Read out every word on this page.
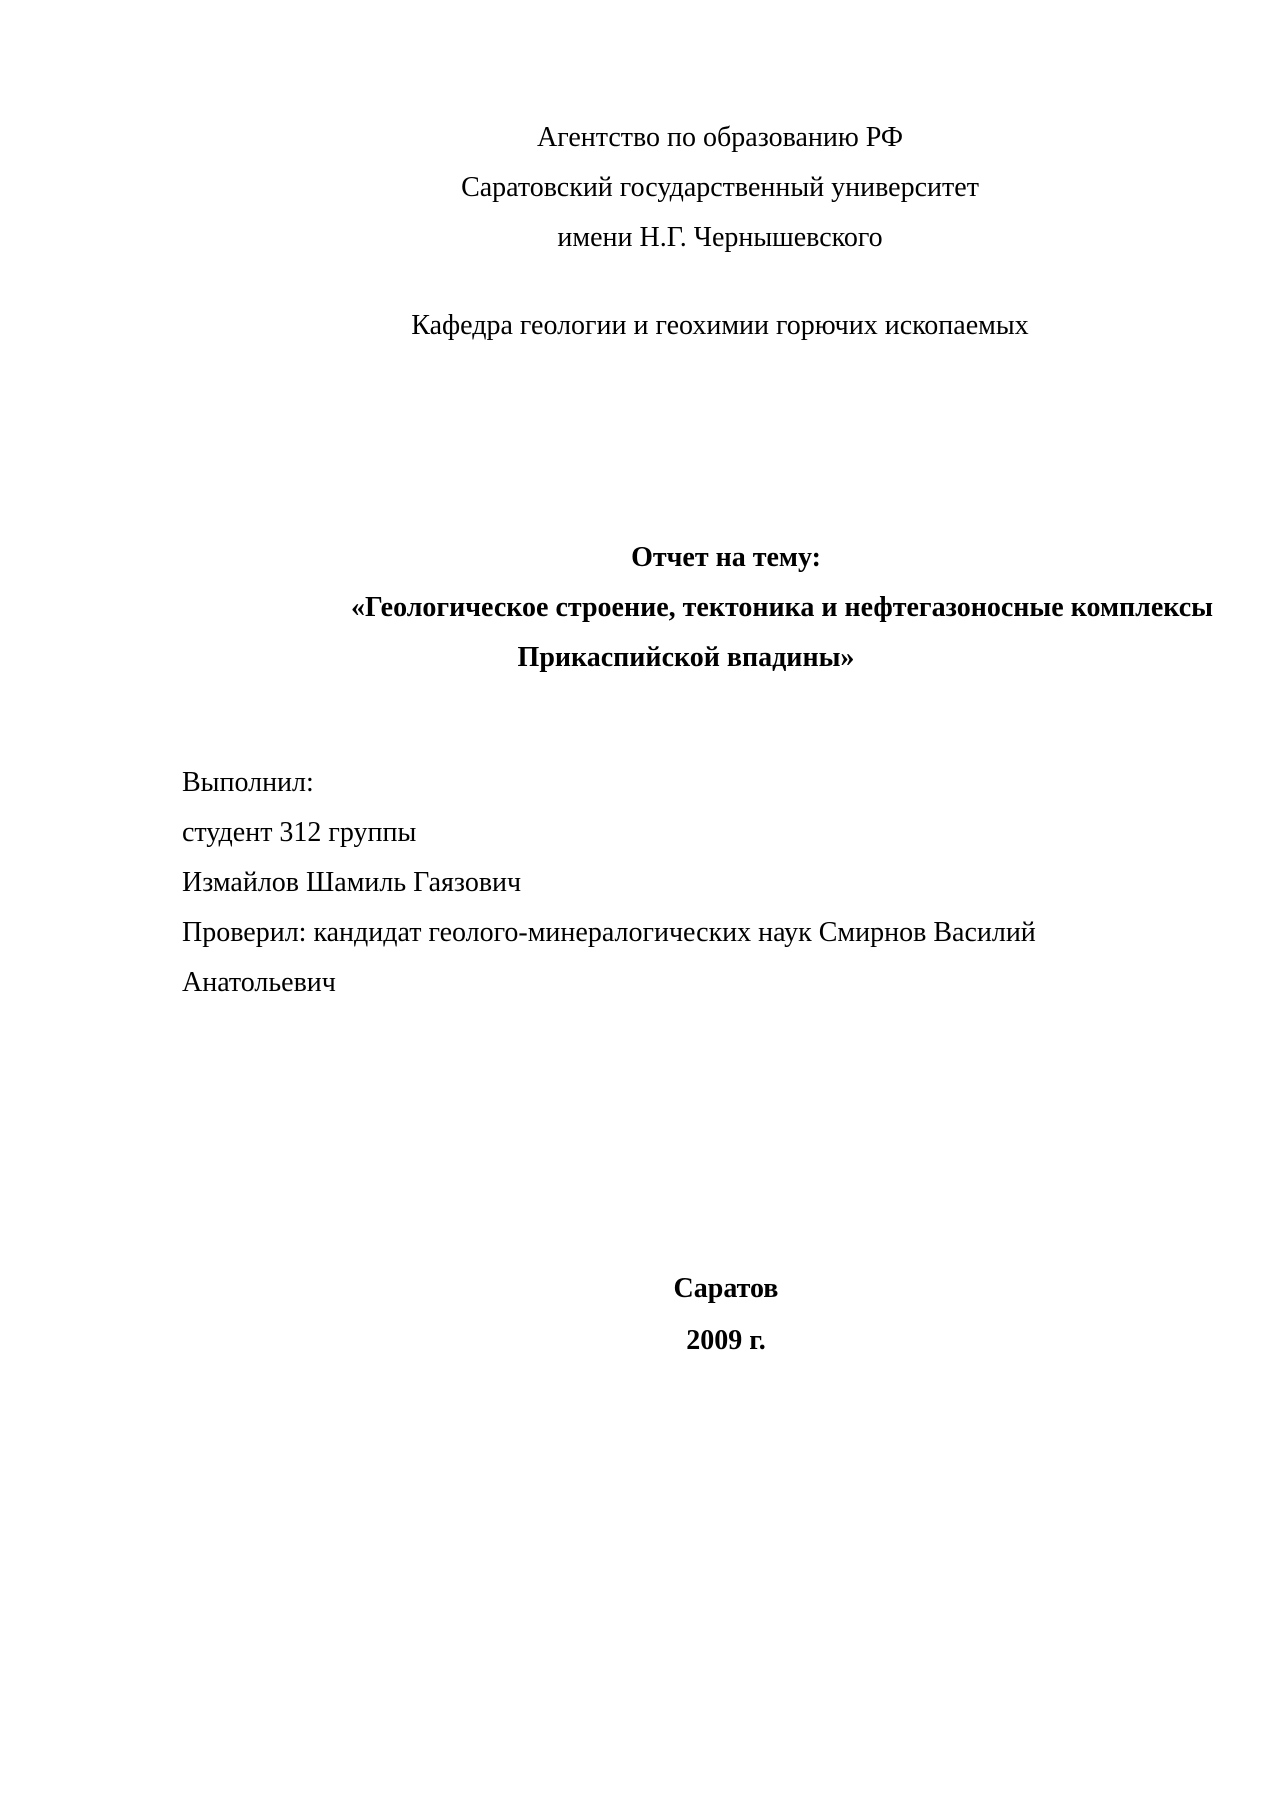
Агентство по образованию РФ
Саратовский государственный университет
имени Н.Г. Чернышевского
Кафедра геологии и геохимии горючих ископаемых
Отчет на тему:
«Геологическое строение, тектоника и нефтегазоносные комплексы
Прикаспийской впадины»
Выполнил:
студент 312 группы
Измайлов Шамиль Гаязович
Проверил: кандидат геолого-минералогических наук Смирнов Василий
Анатольевич
Саратов
2009 г.
